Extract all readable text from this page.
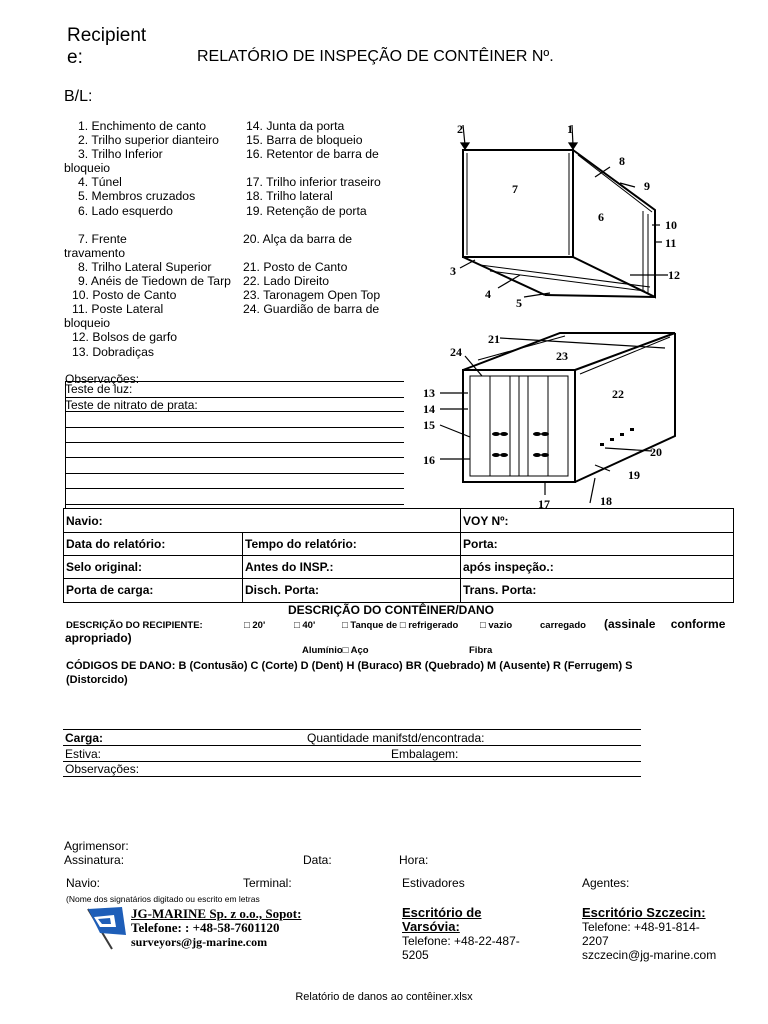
Recipient
e:	RELATÓRIO DE INSPEÇÃO DE CONTÊINER Nº.
B/L:
1. Enchimento de canto
2. Trilho superior dianteiro
3. Trilho Inferior
bloqueio
4. Túnel
5. Membros cruzados
6. Lado esquerdo

7. Frente
travamento
8. Trilho Lateral Superior
9. Anéis de Tiedown de Tarp
10. Posto de Canto
11. Poste Lateral
bloqueio
12. Bolsos de garfo
13. Dobradiças
14. Junta da porta
15. Barra de bloqueio
16. Retentor de barra de

17. Trilho inferior traseiro
18. Trilho lateral
19. Retenção de porta

20. Alça da barra de

21. Posto de Canto
22. Lado Direito
23. Taronagem Open Top
24. Guardião de barra de
1
2
3
4
5
6
7
8
9
10
11
12
13
14
15
16
17	18
19
20
21
22
23
24
Observações:
Teste de luz:
Teste de nitrato de prata:
Navio:	VOY Nº:
Data do relatório:	Tempo do relatório:	Porta:
Selo original:	Antes do INSP.:	após inspeção.:
Porta de carga:	Disch. Porta:	Trans. Porta:
DESCRIÇÃO DO CONTÊINER/DANO
DESCRIÇÃO DO RECIPIENTE:	□ 20'	□ 40'	□ Tanque de □ refrigerado □ vazio	carregado (assinale conforme
apropriado)
Alumínio□ Aço	Fibra
CÓDIGOS DE DANO: B (Contusão) C (Corte) D (Dent) H (Buraco) BR (Quebrado) M (Ausente) R (Ferrugem) S
(Distorcido)
Carga:	Quantidade manifstd/encontrada:
Estiva:	Embalagem:
Observações:
Agrimensor:
Assinatura:	Data:	Hora:
Navio:	Terminal:	Estivadores	Agentes:
(Nome dos signatários digitado ou escrito em letras
JG-MARINE Sp. z o.o., Sopot:
Telefone: : +48-58-7601120
surveyors@jg-marine.com
Escritório de
Varsóvia:
Telefone: +48-22-487-
5205
Escritório Szczecin:
Telefone: +48-91-814-
2207
szczecin@jg-marine.com
Relatório de danos ao contêiner.xlsx
